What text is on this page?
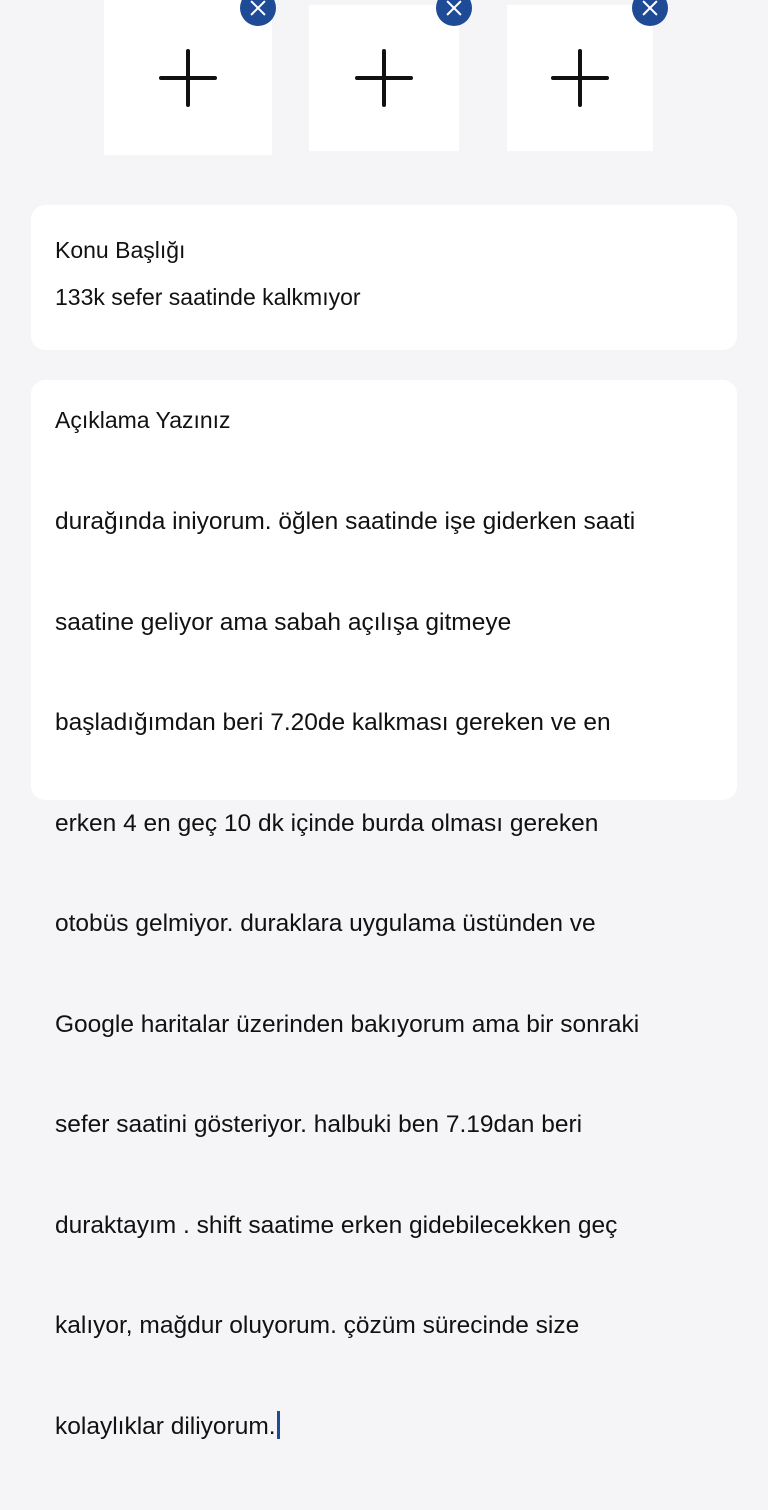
Konu Başlığı
133k sefer saatinde kalkmıyor
Açıklama Yazınız

durağında iniyorum. öğlen saatinde işe giderken saati

saatine geliyor ama sabah açılışa gitmeye

başladığımdan beri 7.20de kalkması gereken ve en

erken 4 en geç 10 dk içinde burda olması gereken

otobüs gelmiyor. duraklara uygulama üstünden ve

Google haritalar üzerinden bakıyorum ama bir sonraki

sefer saatini gösteriyor. halbuki ben 7.19dan beri

duraktayım . shift saatime erken gidebilecekken geç

kalıyor, mağdur oluyorum. çözüm sürecinde size

kolaylıklar diliyorum.
